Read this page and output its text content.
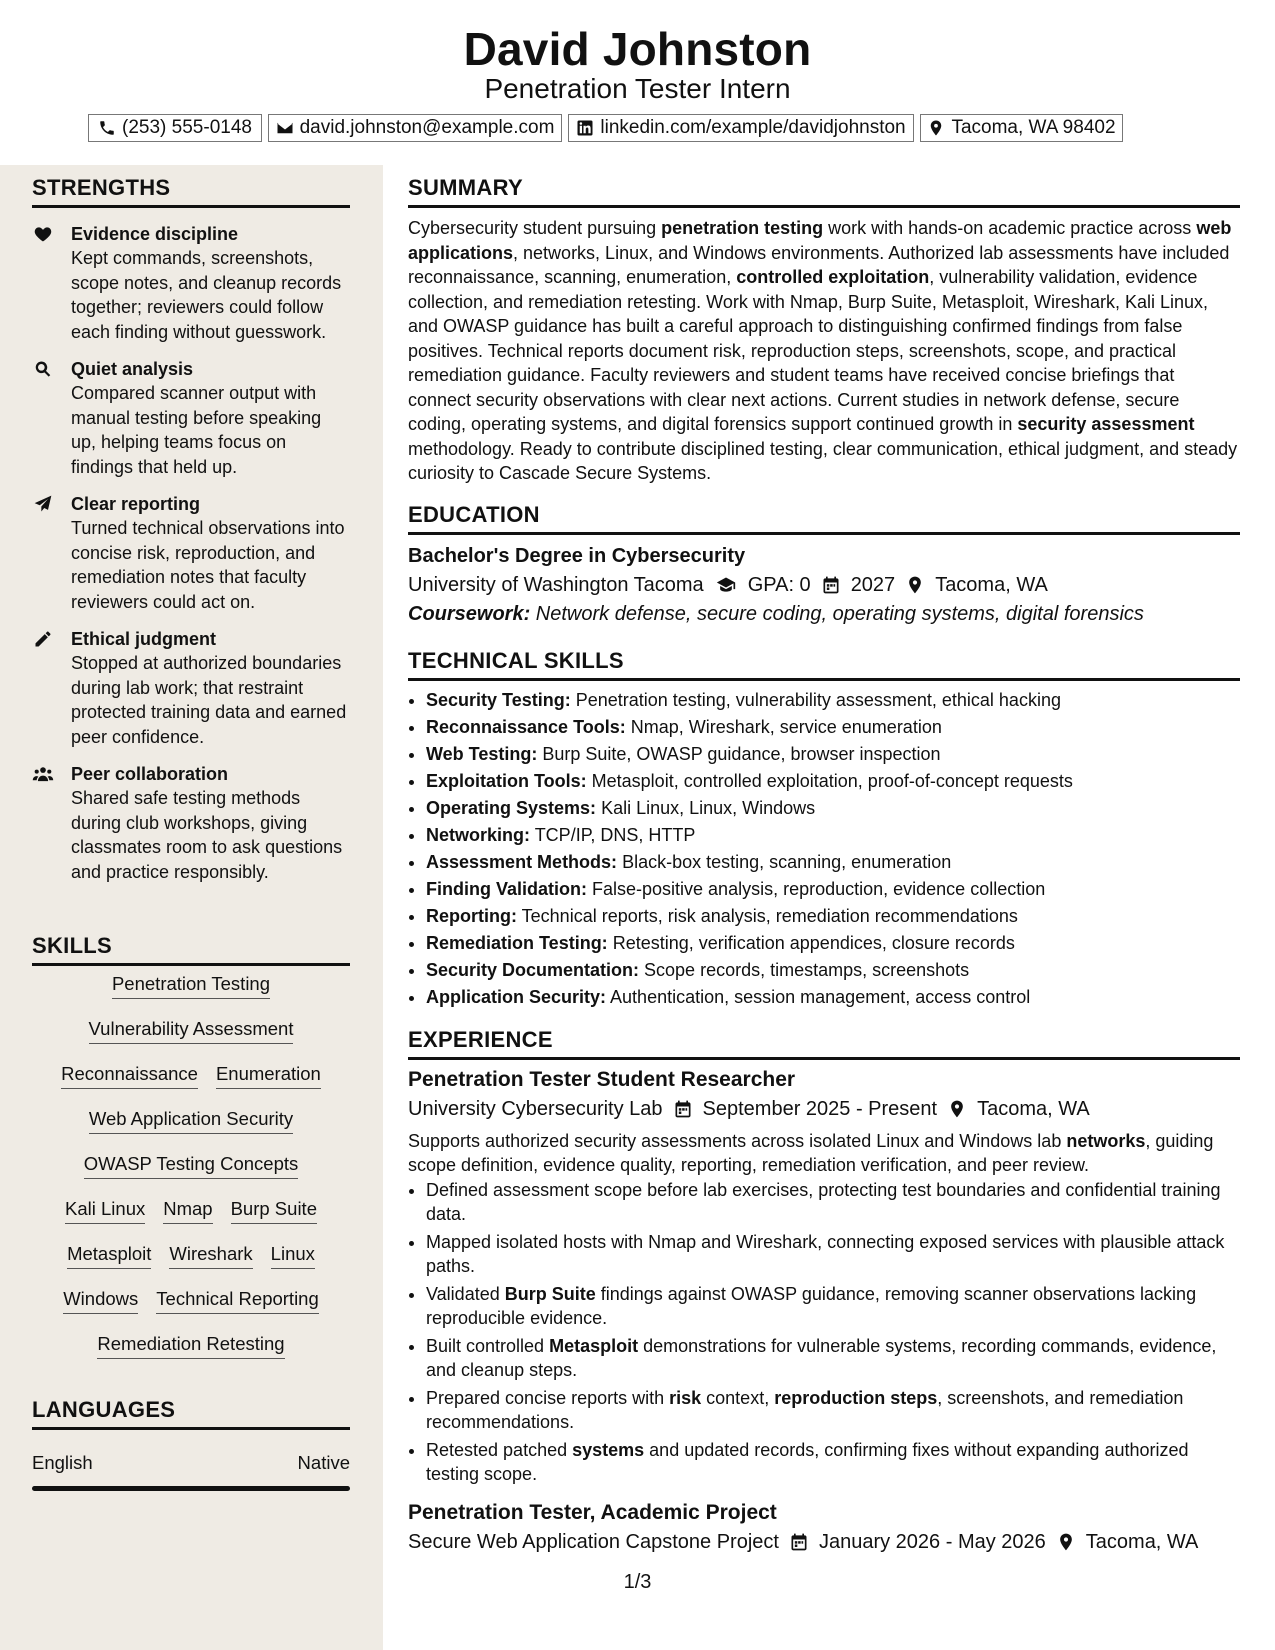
David Johnston
Penetration Tester Intern
(253) 555-0148	david.johnston@example.com linkedin.com/example/davidjohnston Tacoma, WA 98402
STRENGTHS
Evidence discipline
Kept commands, screenshots, scope notes, and cleanup records together; reviewers could follow each finding without guesswork.
Quiet analysis
Compared scanner output with manual testing before speaking up, helping teams focus on findings that held up.
Clear reporting
Turned technical observations into concise risk, reproduction, and remediation notes that faculty reviewers could act on.
Ethical judgment
Stopped at authorized boundaries during lab work; that restraint protected training data and earned peer confidence.
Peer collaboration
Shared safe testing methods during club workshops, giving classmates room to ask questions and practice responsibly.
SKILLS
Penetration Testing
Vulnerability Assessment
Reconnaissance Enumeration
Web Application Security
OWASP Testing Concepts
Kali Linux Nmap Burp Suite
Metasploit Wireshark Linux
Windows Technical Reporting
Remediation Retesting
LANGUAGES
English	Native
SUMMARY
Cybersecurity student pursuing penetration testing work with hands-on academic practice across web applications, networks, Linux, and Windows environments. Authorized lab assessments have included reconnaissance, scanning, enumeration, controlled exploitation, vulnerability validation, evidence collection, and remediation retesting. Work with Nmap, Burp Suite, Metasploit, Wireshark, Kali Linux, and OWASP guidance has built a careful approach to distinguishing confirmed findings from false positives. Technical reports document risk, reproduction steps, screenshots, scope, and practical remediation guidance. Faculty reviewers and student teams have received concise briefings that connect security observations with clear next actions. Current studies in network defense, secure coding, operating systems, and digital forensics support continued growth in security assessment methodology. Ready to contribute disciplined testing, clear communication, ethical judgment, and steady curiosity to Cascade Secure Systems.
EDUCATION
Bachelor's Degree in Cybersecurity
University of Washington Tacoma GPA: 0 2027 Tacoma, WA
Coursework: Network defense, secure coding, operating systems, digital forensics
TECHNICAL SKILLS
• Security Testing: Penetration testing, vulnerability assessment, ethical hacking
• Reconnaissance Tools: Nmap, Wireshark, service enumeration
• Web Testing: Burp Suite, OWASP guidance, browser inspection
• Exploitation Tools: Metasploit, controlled exploitation, proof-of-concept requests
• Operating Systems: Kali Linux, Linux, Windows
• Networking: TCP/IP, DNS, HTTP
• Assessment Methods: Black-box testing, scanning, enumeration
• Finding Validation: False-positive analysis, reproduction, evidence collection
• Reporting: Technical reports, risk analysis, remediation recommendations
• Remediation Testing: Retesting, verification appendices, closure records
• Security Documentation: Scope records, timestamps, screenshots
• Application Security: Authentication, session management, access control
EXPERIENCE
Penetration Tester Student Researcher
University Cybersecurity Lab September 2025 - Present Tacoma, WA
Supports authorized security assessments across isolated Linux and Windows lab networks, guiding scope definition, evidence quality, reporting, remediation verification, and peer review.
• Defined assessment scope before lab exercises, protecting test boundaries and confidential training data.
• Mapped isolated hosts with Nmap and Wireshark, connecting exposed services with plausible attack paths.
• Validated Burp Suite findings against OWASP guidance, removing scanner observations lacking reproducible evidence.
• Built controlled Metasploit demonstrations for vulnerable systems, recording commands, evidence, and cleanup steps.
• Prepared concise reports with risk context, reproduction steps, screenshots, and remediation recommendations.
• Retested patched systems and updated records, confirming fixes without expanding authorized testing scope.
Penetration Tester, Academic Project
Secure Web Application Capstone Project January 2026 - May 2026 Tacoma, WA
1/3
